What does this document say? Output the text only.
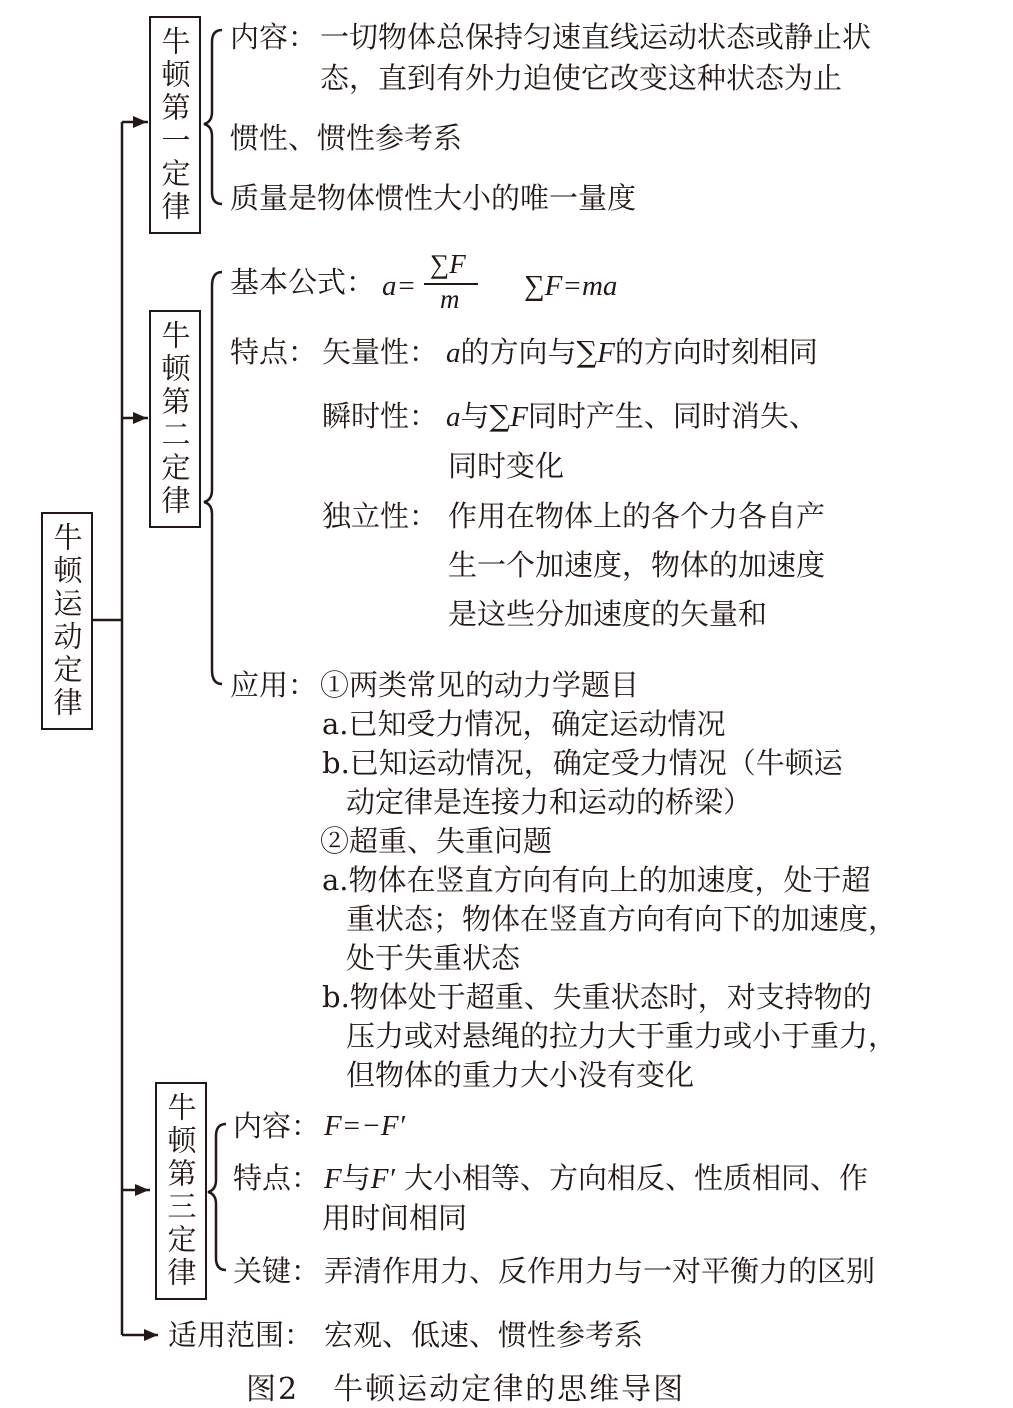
牛顿运动定律
牛顿第一定律 内容： 一切物体总保持匀速直线运动状态或静止状
态，直到有外力迫使它改变这种状态为止
惯性、惯性参考系
质量是物体惯性大小的唯一量度
牛顿第二定律
基本公式： a=
∑F
m ∑F=ma
特点： 矢量性： a的方向与∑F的方向时刻相同
瞬时性： a与∑F同时产生、同时消失、
同时变化
独立性： 作用在物体上的各个力各自产
生一个加速度，物体的加速度
是这些分加速度的矢量和
应用： ①两类常见的动力学题目
a.已知受力情况，确定运动情况
b.已知运动情况，确定受力情况（牛顿运
动定律是连接力和运动的桥梁）
②超重、失重问题
a.物体在竖直方向有向上的加速度，处于超
重状态；物体在竖直方向有向下的加速度，
处于失重状态
b.物体处于超重、失重状态时，对支持物的
压力或对悬绳的拉力大于重力或小于重力，
但物体的重力大小没有变化
牛顿第三定律 内容： F=−F′
特点： F与F′ 大小相等、方向相反、性质相同、作
用时间相同
关键： 弄清作用力、反作用力与一对平衡力的区别
适用范围： 宏观、低速、惯性参考系
图2 牛顿运动定律的思维导图
